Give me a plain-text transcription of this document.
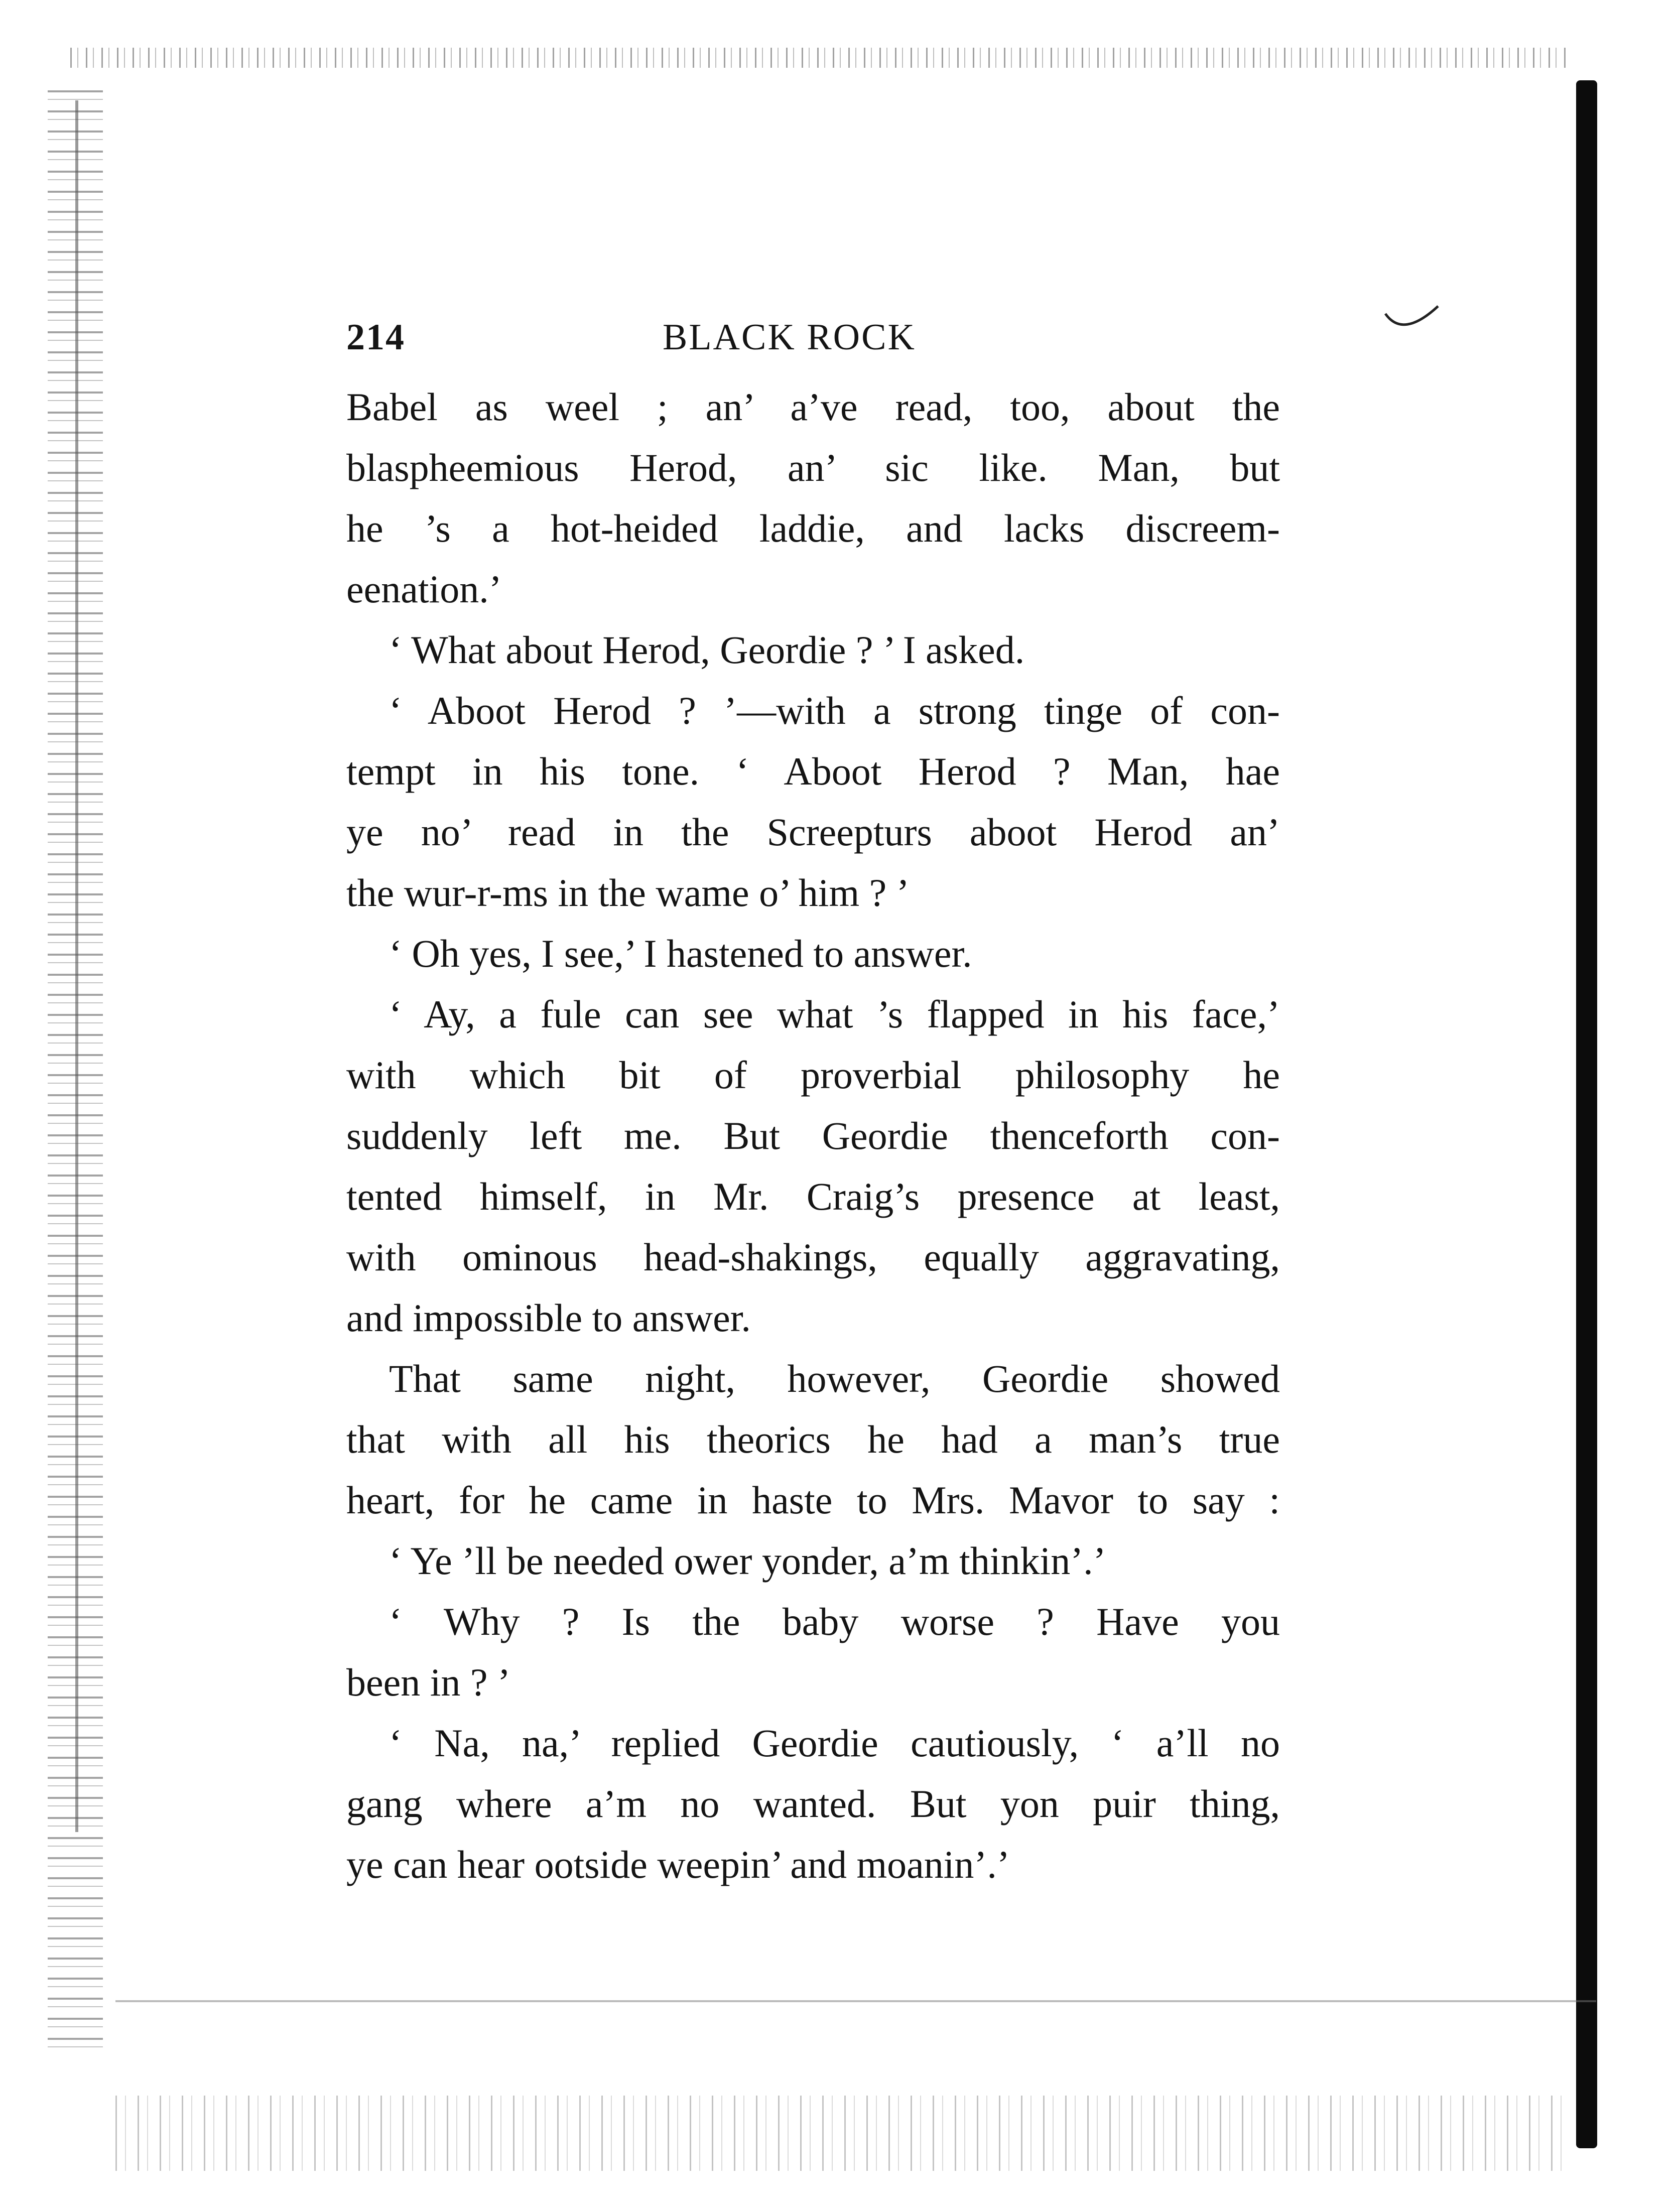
214	BLACK ROCK
Babel as weel ; an’ a’ve read, too, about the
blaspheemious Herod, an’ sic like. Man, but
he ’s a hot-heided laddie, and lacks discreem-
eenation.’
‘ What about Herod, Geordie ? ’ I asked.
‘ Aboot Herod ? ’—with a strong tinge of con-
tempt in his tone. ‘ Aboot Herod ? Man, hae
ye no’ read in the Screepturs aboot Herod an’
the wur-r-ms in the wame o’ him ? ’
‘ Oh yes, I see,’ I hastened to answer.
‘ Ay, a fule can see what ’s flapped in his face,’
with which bit of proverbial philosophy he
suddenly left me. But Geordie thenceforth con-
tented himself, in Mr. Craig’s presence at least,
with ominous head-shakings, equally aggravating,
and impossible to answer.
That same night, however, Geordie showed
that with all his theorics he had a man’s true
heart, for he came in haste to Mrs. Mavor to say :
‘ Ye ’ll be needed ower yonder, a’m thinkin’.’
‘ Why ? Is the baby worse ? Have you
been in ? ’
‘ Na, na,’ replied Geordie cautiously, ‘ a’ll no
gang where a’m no wanted. But yon puir thing,
ye can hear ootside weepin’ and moanin’.’
